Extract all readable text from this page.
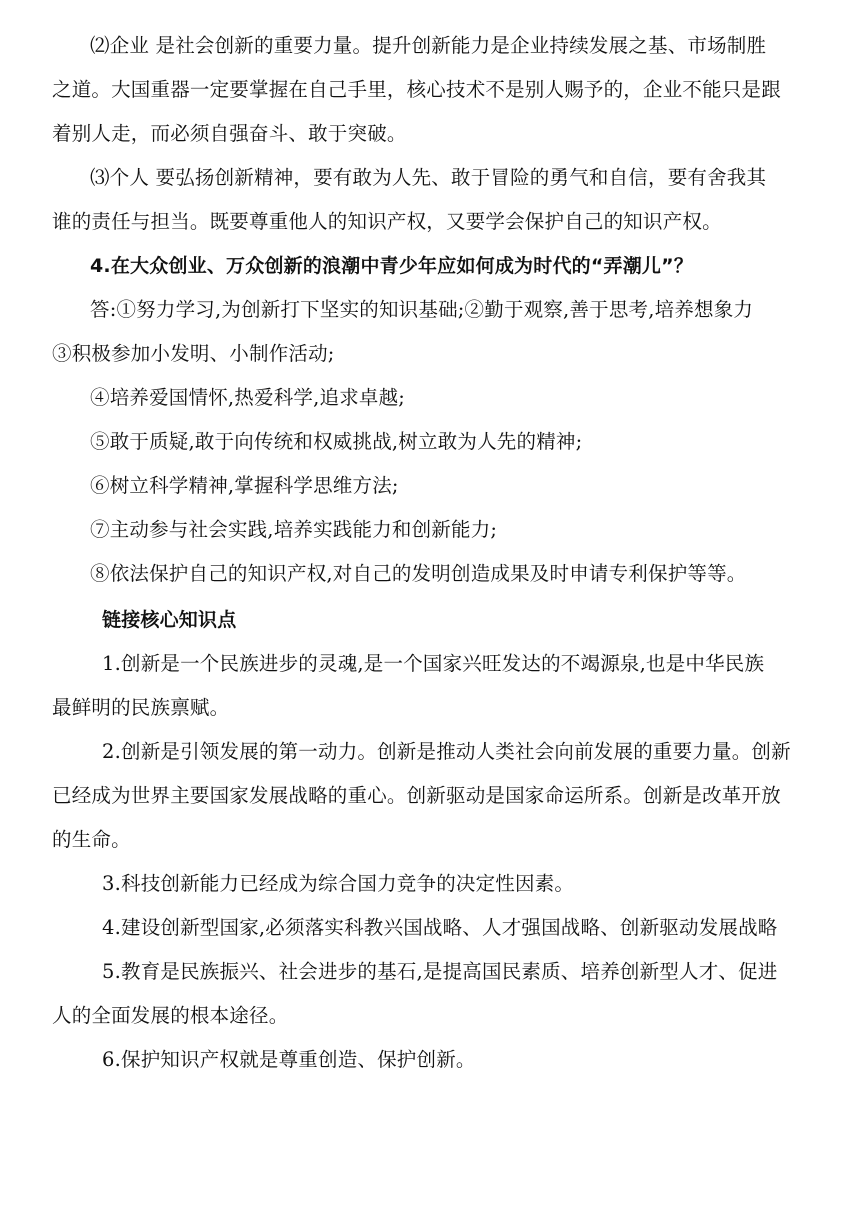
⑵企业 是社会创新的重要力量。提升创新能力是企业持续发展之基、市场制胜
之道。大国重器一定要掌握在自己手里，核心技术不是别人赐予的，企业不能只是跟
着别人走，而必须自强奋斗、敢于突破。
⑶个人 要弘扬创新精神，要有敢为人先、敢于冒险的勇气和自信，要有舍我其
谁的责任与担当。既要尊重他人的知识产权，又要学会保护自己的知识产权。
4.在大众创业、万众创新的浪潮中青少年应如何成为时代的“弄潮儿”？
答:①努力学习,为创新打下坚实的知识基础;②勤于观察,善于思考,培养想象力
③积极参加小发明、小制作活动;
④培养爱国情怀,热爱科学,追求卓越;
⑤敢于质疑,敢于向传统和权威挑战,树立敢为人先的精神;
⑥树立科学精神,掌握科学思维方法;
⑦主动参与社会实践,培养实践能力和创新能力;
⑧依法保护自己的知识产权,对自己的发明创造成果及时申请专利保护等等。
链接核心知识点
1.创新是一个民族进步的灵魂,是一个国家兴旺发达的不竭源泉,也是中华民族
最鲜明的民族禀赋。
2.创新是引领发展的第一动力。创新是推动人类社会向前发展的重要力量。创新
已经成为世界主要国家发展战略的重心。创新驱动是国家命运所系。创新是改革开放
的生命。
3.科技创新能力已经成为综合国力竞争的决定性因素。
4.建设创新型国家,必须落实科教兴国战略、人才强国战略、创新驱动发展战略
5.教育是民族振兴、社会进步的基石,是提高国民素质、培养创新型人才、促进
人的全面发展的根本途径。
6.保护知识产权就是尊重创造、保护创新。
